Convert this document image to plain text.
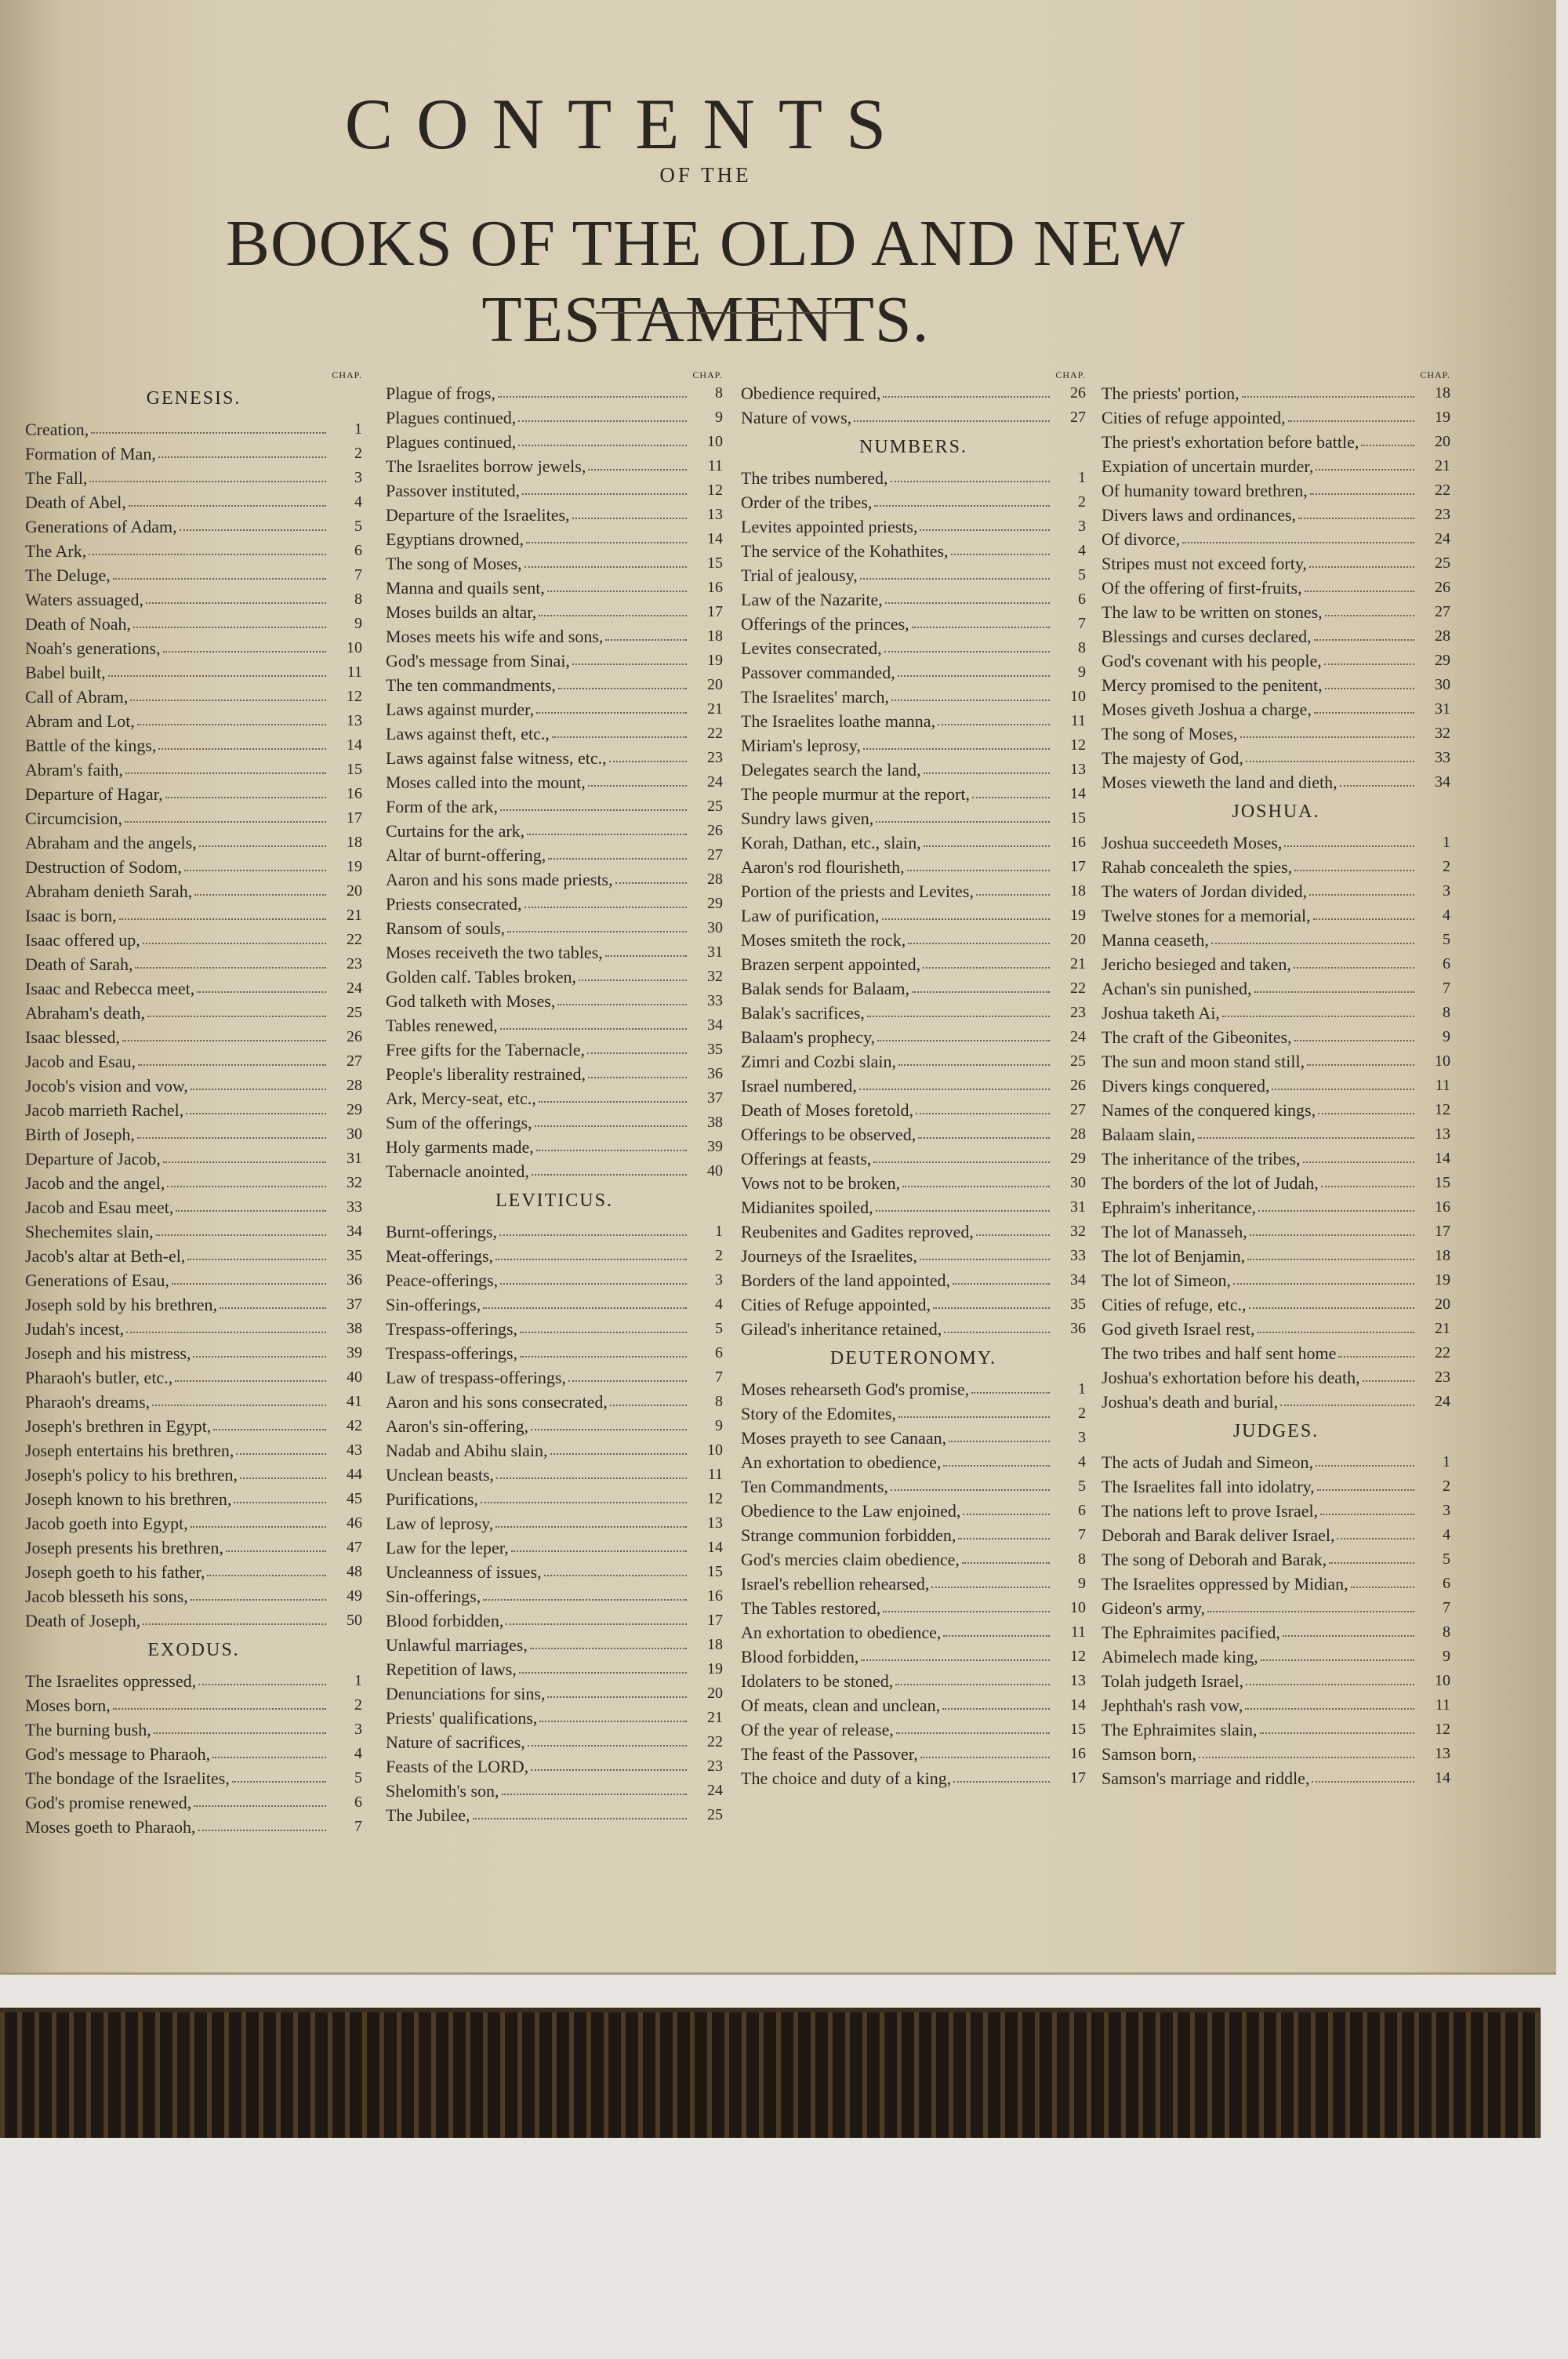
CONTENTS
OF THE
BOOKS OF THE OLD AND NEW TESTAMENTS.
CHAP.
GENESIS.
Creation,	1
Formation of Man,	2
The Fall,	3
Death of Abel,	4
Generations of Adam,	5
The Ark,	6
The Deluge,	7
Waters assuaged,	8
Death of Noah,	9
Noah's generations,	10
Babel built,	11
Call of Abram,	12
Abram and Lot,	13
Battle of the kings,	14
Abram's faith,	15
Departure of Hagar,	16
Circumcision,	17
Abraham and the angels,	18
Destruction of Sodom,	19
Abraham denieth Sarah,	20
Isaac is born,	21
Isaac offered up,	22
Death of Sarah,	23
Isaac and Rebecca meet,	24
Abraham's death,	25
Isaac blessed,	26
Jacob and Esau,	27
Jocob's vision and vow,	28
Jacob marrieth Rachel,	29
Birth of Joseph,	30
Departure of Jacob,	31
Jacob and the angel,	32
Jacob and Esau meet,	33
Shechemites slain,	34
Jacob's altar at Beth-el,	35
Generations of Esau,	36
Joseph sold by his brethren,	37
Judah's incest,	38
Joseph and his mistress,	39
Pharaoh's butler, etc.,	40
Pharaoh's dreams,	41
Joseph's brethren in Egypt,	42
Joseph entertains his brethren,	43
Joseph's policy to his brethren,	44
Joseph known to his brethren,	45
Jacob goeth into Egypt,	46
Joseph presents his brethren,	47
Joseph goeth to his father,	48
Jacob blesseth his sons,	49
Death of Joseph,	50
EXODUS.
The Israelites oppressed,	1
Moses born,	2
The burning bush,	3
God's message to Pharaoh,	4
The bondage of the Israelites,	5
God's promise renewed,	6
Moses goeth to Pharaoh,	7
CHAP.
Plague of frogs,	8
Plagues continued,	9
Plagues continued,	10
The Israelites borrow jewels,	11
Passover instituted,	12
Departure of the Israelites,	13
Egyptians drowned,	14
The song of Moses,	15
Manna and quails sent,	16
Moses builds an altar,	17
Moses meets his wife and sons,	18
God's message from Sinai,	19
The ten commandments,	20
Laws against murder,	21
Laws against theft, etc.,	22
Laws against false witness, etc.,	23
Moses called into the mount,	24
Form of the ark,	25
Curtains for the ark,	26
Altar of burnt-offering,	27
Aaron and his sons made priests,	28
Priests consecrated,	29
Ransom of souls,	30
Moses receiveth the two tables,	31
Golden calf. Tables broken,	32
God talketh with Moses,	33
Tables renewed,	34
Free gifts for the Tabernacle,	35
People's liberality restrained,	36
Ark, Mercy-seat, etc.,	37
Sum of the offerings,	38
Holy garments made,	39
Tabernacle anointed,	40
LEVITICUS.
Burnt-offerings,	1
Meat-offerings,	2
Peace-offerings,	3
Sin-offerings,	4
Trespass-offerings,	5
Trespass-offerings,	6
Law of trespass-offerings,	7
Aaron and his sons consecrated,	8
Aaron's sin-offering,	9
Nadab and Abihu slain,	10
Unclean beasts,	11
Purifications,	12
Law of leprosy,	13
Law for the leper,	14
Uncleanness of issues,	15
Sin-offerings,	16
Blood forbidden,	17
Unlawful marriages,	18
Repetition of laws,	19
Denunciations for sins,	20
Priests' qualifications,	21
Nature of sacrifices,	22
Feasts of the LORD,	23
Shelomith's son,	24
The Jubilee,	25
CHAP.
Obedience required,	26
Nature of vows,	27
NUMBERS.
The tribes numbered,	1
Order of the tribes,	2
Levites appointed priests,	3
The service of the Kohathites,	4
Trial of jealousy,	5
Law of the Nazarite,	6
Offerings of the princes,	7
Levites consecrated,	8
Passover commanded,	9
The Israelites' march,	10
The Israelites loathe manna,	11
Miriam's leprosy,	12
Delegates search the land,	13
The people murmur at the report,	14
Sundry laws given,	15
Korah, Dathan, etc., slain,	16
Aaron's rod flourisheth,	17
Portion of the priests and Levites,	18
Law of purification,	19
Moses smiteth the rock,	20
Brazen serpent appointed,	21
Balak sends for Balaam,	22
Balak's sacrifices,	23
Balaam's prophecy,	24
Zimri and Cozbi slain,	25
Israel numbered,	26
Death of Moses foretold,	27
Offerings to be observed,	28
Offerings at feasts,	29
Vows not to be broken,	30
Midianites spoiled,	31
Reubenites and Gadites reproved,	32
Journeys of the Israelites,	33
Borders of the land appointed,	34
Cities of Refuge appointed,	35
Gilead's inheritance retained,	36
DEUTERONOMY.
Moses rehearseth God's promise,	1
Story of the Edomites,	2
Moses prayeth to see Canaan,	3
An exhortation to obedience,	4
Ten Commandments,	5
Obedience to the Law enjoined,	6
Strange communion forbidden,	7
God's mercies claim obedience,	8
Israel's rebellion rehearsed,	9
The Tables restored,	10
An exhortation to obedience,	11
Blood forbidden,	12
Idolaters to be stoned,	13
Of meats, clean and unclean,	14
Of the year of release,	15
The feast of the Passover,	16
The choice and duty of a king,	17
CHAP.
The priests' portion,	18
Cities of refuge appointed,	19
The priest's exhortation before battle,	20
Expiation of uncertain murder,	21
Of humanity toward brethren,	22
Divers laws and ordinances,	23
Of divorce,	24
Stripes must not exceed forty,	25
Of the offering of first-fruits,	26
The law to be written on stones,	27
Blessings and curses declared,	28
God's covenant with his people,	29
Mercy promised to the penitent,	30
Moses giveth Joshua a charge,	31
The song of Moses,	32
The majesty of God,	33
Moses vieweth the land and dieth,	34
JOSHUA.
Joshua succeedeth Moses,	1
Rahab concealeth the spies,	2
The waters of Jordan divided,	3
Twelve stones for a memorial,	4
Manna ceaseth,	5
Jericho besieged and taken,	6
Achan's sin punished,	7
Joshua taketh Ai,	8
The craft of the Gibeonites,	9
The sun and moon stand still,	10
Divers kings conquered,	11
Names of the conquered kings,	12
Balaam slain,	13
The inheritance of the tribes,	14
The borders of the lot of Judah,	15
Ephraim's inheritance,	16
The lot of Manasseh,	17
The lot of Benjamin,	18
The lot of Simeon,	19
Cities of refuge, etc.,	20
God giveth Israel rest,	21
The two tribes and half sent home	22
Joshua's exhortation before his death,	23
Joshua's death and burial,	24
JUDGES.
The acts of Judah and Simeon,	1
The Israelites fall into idolatry,	2
The nations left to prove Israel,	3
Deborah and Barak deliver Israel,	4
The song of Deborah and Barak,	5
The Israelites oppressed by Midian,	6
Gideon's army,	7
The Ephraimites pacified,	8
Abimelech made king,	9
Tolah judgeth Israel,	10
Jephthah's rash vow,	11
The Ephraimites slain,	12
Samson born,	13
Samson's marriage and riddle,	14
